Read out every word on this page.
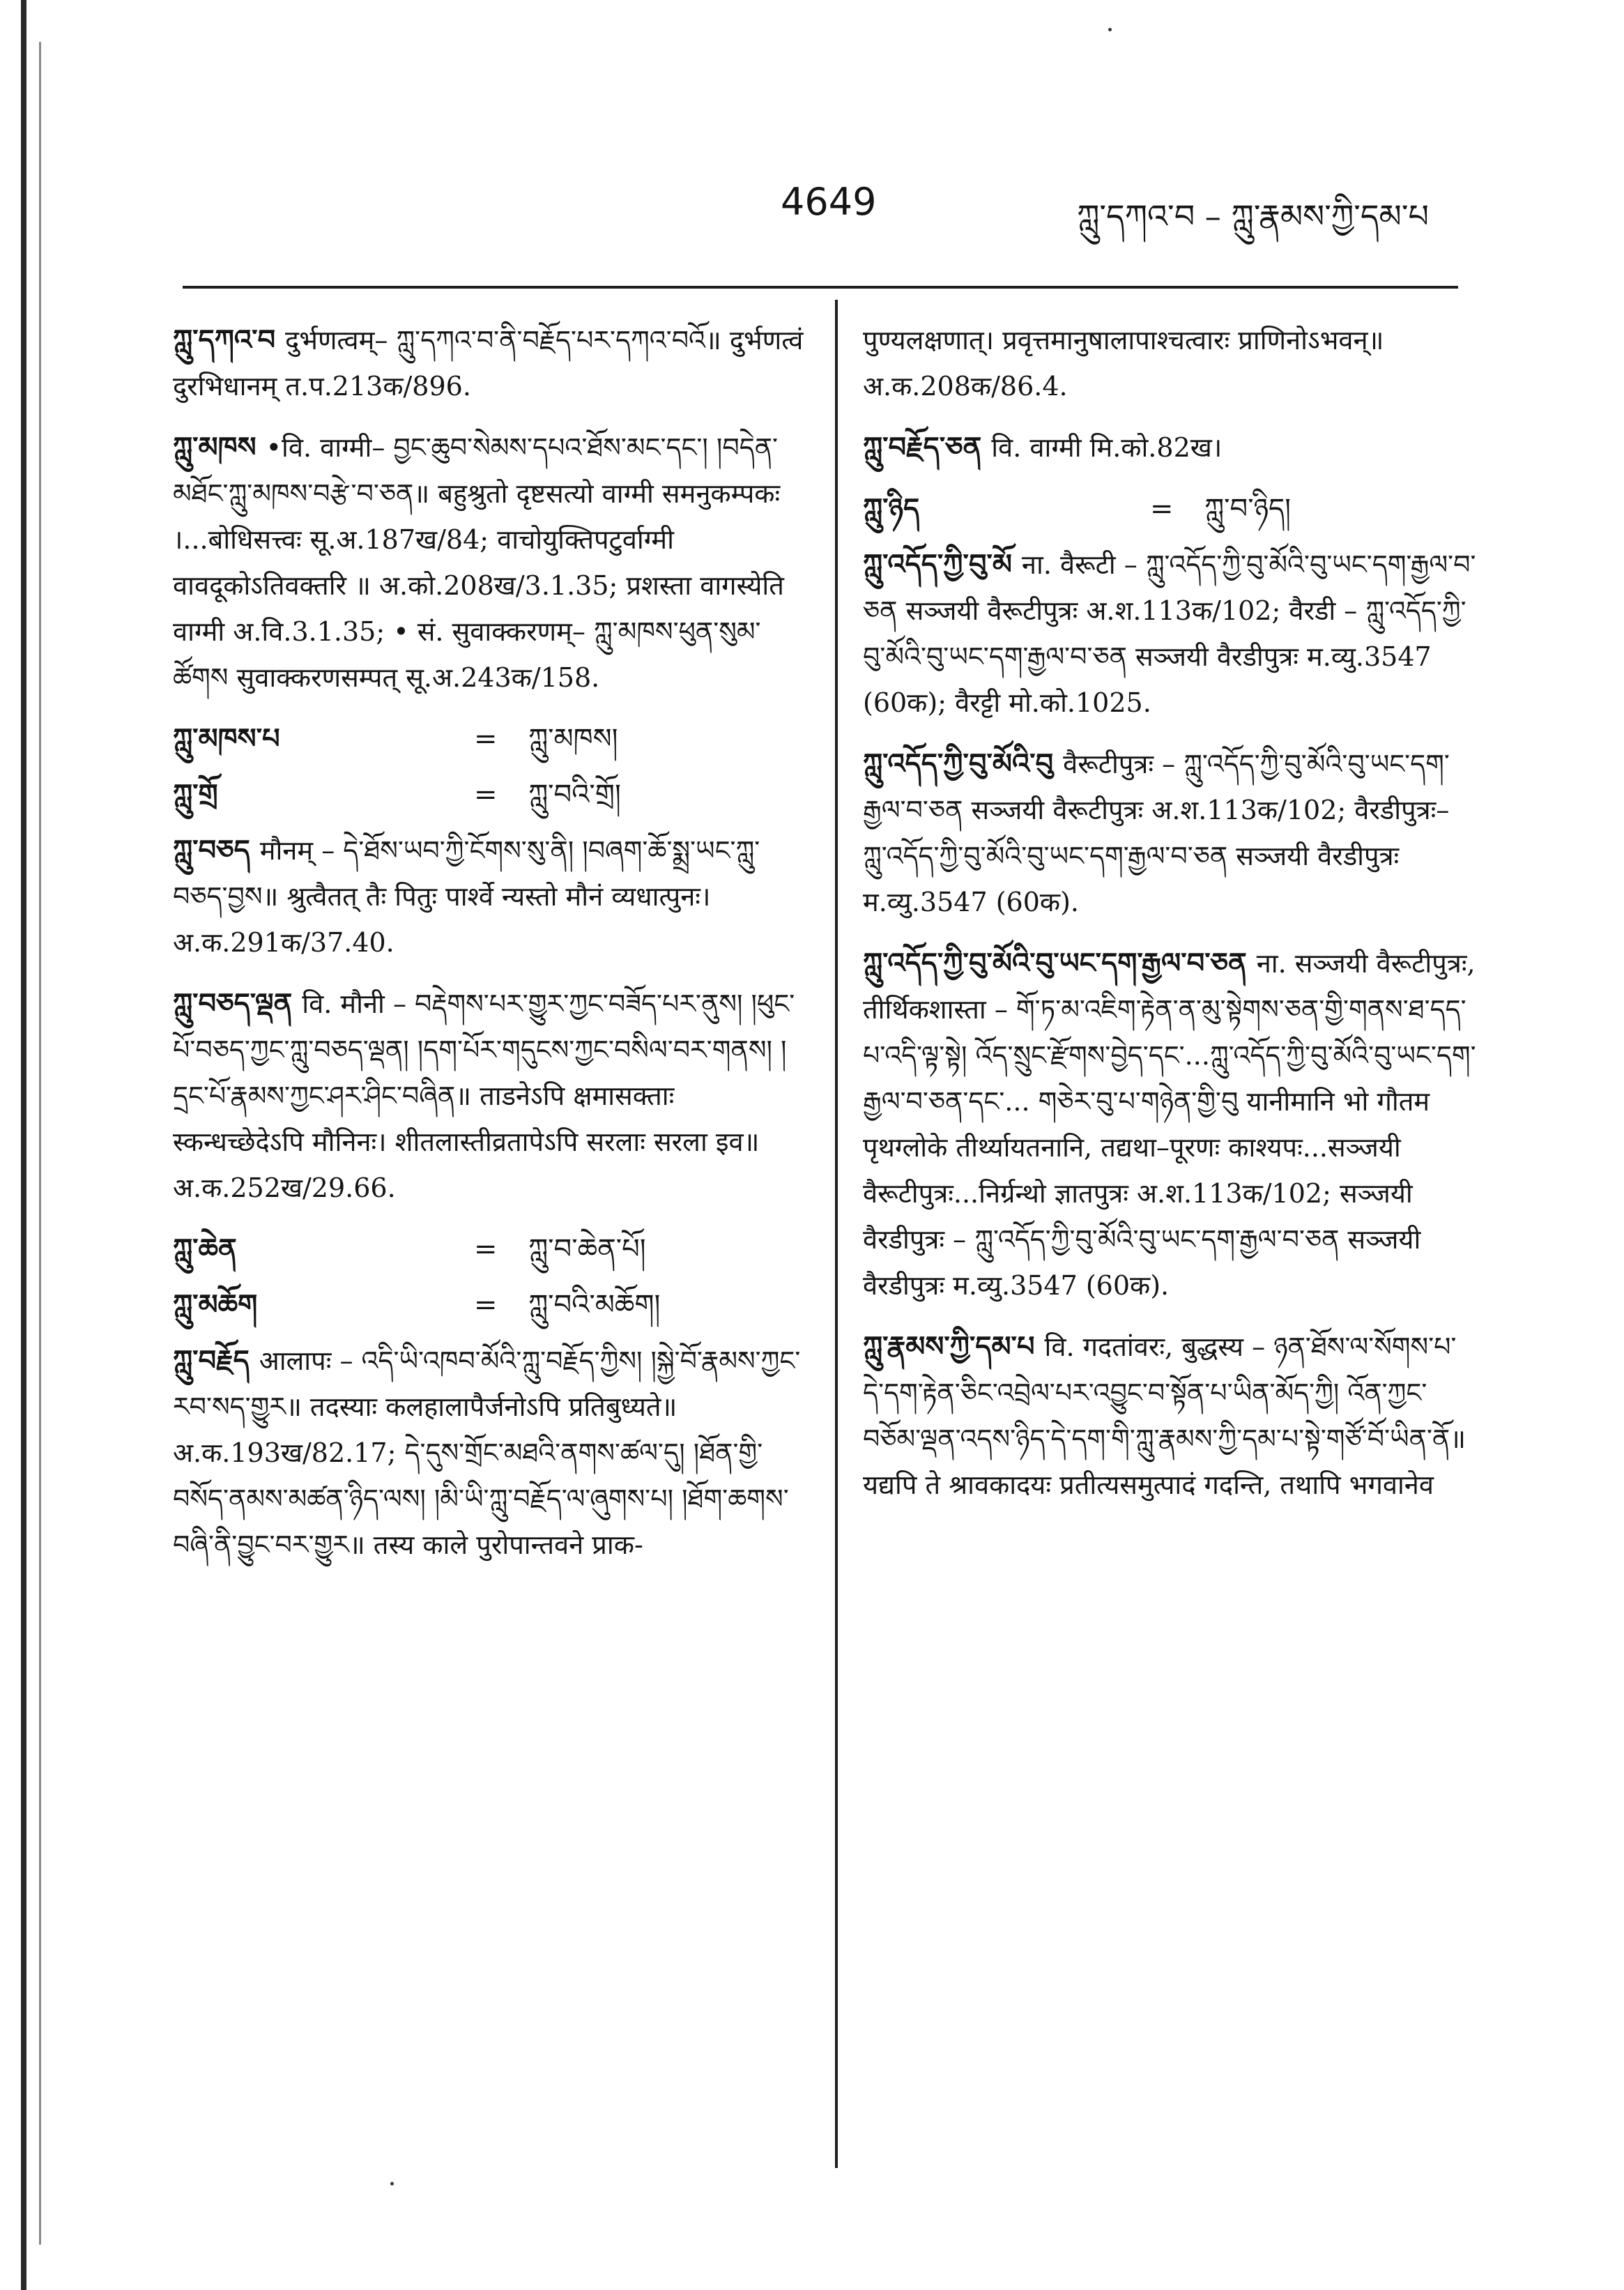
4649	ཀླུ་དཀའ་བ – ཀླུ་རྣམས་ཀྱི་དམ་པ

ཀླུ་དཀའ་བ दुर्भणत्वम्– ཀླུ་དཀའ་བ་ནི་བརྗོད་པར་དཀའ་བའོ॥ दुर्भणत्वं दुरभिधानम् त.प.213क/896.

ཀླུ་མཁས •वि. वाग्मी– བྱང་ཆུབ་སེམས་དཔའ་ཐོས་མང་དང་། །བདེན་མཐོང་ཀླུ་མཁས་བརྩེ་བ་ཅན॥ बहुश्रुतो दृष्टसत्यो वाग्मी समनुकम्पकः ।...बोधिसत्त्वः सू.अ.187ख/84; वाचोयुक्तिपटुर्वाग्मी वावदूकोऽतिवक्तरि ॥ अ.को.208ख/3.1.35; प्रशस्ता वागस्येति वाग्मी अ.वि.3.1.35; • सं. सुवाक्करणम्– ཀླུ་མཁས་ཕུན་སུམ་ཚོགས सुवाक्करणसम्पत् सू.अ.243क/158.

ཀླུ་མཁས་པ	= ཀླུ་མཁས།
ཀླུ་གྲོ	= ཀླུ་བའི་གྲོ།

ཀླུ་བཅད मौनम् – དེ་ཐོས་ཡབ་ཀྱི་ངོགས་སུ་ནི། །བཞག་ཆོ་སྨྲ་ཡང་ཀླུ་བཅད་བྱས॥ श्रुत्वैतत् तैः पितुः पार्श्वे न्यस्तो मौनं व्यधात्पुनः। अ.क.291क/37.40.

ཀླུ་བཅད་ལྡན वि. मौनी – བརྡེགས་པར་གྱུར་ཀྱང་བཟོད་པར་ནུས། །ཕུང་པོ་བཅད་ཀྱང་ཀླུ་བཅད་ལྡན། །དག་པོར་གདུངས་ཀྱང་བསིལ་བར་གནས། །དྲང་པོ་རྣམས་ཀྱང་ཤར་ཤིང་བཞིན॥ ताडनेऽपि क्षमासक्ताः स्कन्धच्छेदेऽपि मौनिनः। शीतलास्तीव्रतापेऽपि सरलाः सरला इव॥ अ.क.252ख/29.66.

ཀླུ་ཆེན	= ཀླུ་བ་ཆེན་པོ།
ཀླུ་མཆོག	= ཀླུ་བའི་མཆོག།

ཀླུ་བརྗོད आलापः – འདི་ཡི་འཁབ་མོའི་ཀླུ་བརྗོད་ཀྱིས། །སྐྱེ་བོ་རྣམས་ཀྱང་རབ་སད་གྱུར॥ तदस्याः कलहालापैर्जनोऽपि प्रतिबुध्यते॥ अ.क.193ख/82.17; དེ་དུས་གྲོང་མཐའི་ནགས་ཚལ་དུ། །ཐོན་གྱི་བསོད་ནམས་མཚན་ཉིད་ལས། །མི་ཡི་ཀླུ་བརྗོད་ལ་ཞུགས་པ། །ཐོག་ཆགས་བཞི་ནི་བྱུང་བར་གྱུར॥ तस्य काले पुरोपान्तवने प्राक-

पुण्यलक्षणात्। प्रवृत्तमानुषालापाश्चत्वारः प्राणिनोऽभवन्॥ अ.क.208क/86.4.

ཀླུ་བརྗོད་ཅན वि. वाग्मी मि.को.82ख।

ཀླུ་ཉིད	= ཀླུ་བ་ཉིད།

ཀླུ་འདོད་ཀྱི་བུ་མོ ना. वैरूटी – ཀླུ་འདོད་ཀྱི་བུ་མོའི་བུ་ཡང་དག་རྒྱལ་བ་ཅན सञ्जयी वैरूटीपुत्रः अ.श.113क/102; वैरडी – ཀླུ་འདོད་ཀྱི་བུ་མོའི་བུ་ཡང་དག་རྒྱལ་བ་ཅན सञ्जयी वैरडीपुत्रः म.व्यु.3547 (60क); वैरट्टी मो.को.1025.

ཀླུ་འདོད་ཀྱི་བུ་མོའི་བུ वैरूटीपुत्रः – ཀླུ་འདོད་ཀྱི་བུ་མོའི་བུ་ཡང་དག་རྒྱལ་བ་ཅན सञ्जयी वैरूटीपुत्रः अ.श.113क/102; वैरडीपुत्रः– ཀླུ་འདོད་ཀྱི་བུ་མོའི་བུ་ཡང་དག་རྒྱལ་བ་ཅན सञ्जयी वैरडीपुत्रः म.व्यु.3547 (60क).

ཀླུ་འདོད་ཀྱི་བུ་མོའི་བུ་ཡང་དག་རྒྱལ་བ་ཅན ना. सञ्जयी वैरूटीपुत्रः, तीर्थिकशास्ता – གོ་ཏ་མ་འཇིག་རྟེན་ན་མུ་སྟེགས་ཅན་གྱི་གནས་ཐ་དད་པ་འདི་ལྟ་སྟེ། འོད་སྲུང་རྫོགས་བྱེད་དང་...ཀླུ་འདོད་ཀྱི་བུ་མོའི་བུ་ཡང་དག་རྒྱལ་བ་ཅན་དང་... གཅེར་བུ་པ་གཉེན་གྱི་བུ यानीमानि भो गौतम पृथग्लोके तीर्थ्यायतनानि, तद्यथा–पूरणः काश्यपः...सञ्जयी वैरूटीपुत्रः...निर्ग्रन्थो ज्ञातपुत्रः अ.श.113क/102; सञ्जयी वैरडीपुत्रः – ཀླུ་འདོད་ཀྱི་བུ་མོའི་བུ་ཡང་དག་རྒྱལ་བ་ཅན सञ्जयी वैरडीपुत्रः म.व्यु.3547 (60क).

ཀླུ་རྣམས་ཀྱི་དམ་པ वि. गदतांवरः, बुद्धस्य – ཉན་ཐོས་ལ་སོགས་པ་དེ་དག་རྟེན་ཅིང་འབྲེལ་པར་འབྱུང་བ་སྟོན་པ་ཡིན་མོད་ཀྱི། འོན་ཀྱང་བཅོམ་ལྡན་འདས་ཉིད་དེ་དག་གི་ཀླུ་རྣམས་ཀྱི་དམ་པ་སྟེ་གཙོ་བོ་ཡིན་ནོ॥ यद्यपि ते श्रावकादयः प्रतीत्यसमुत्पादं गदन्ति, तथापि भगवानेव
